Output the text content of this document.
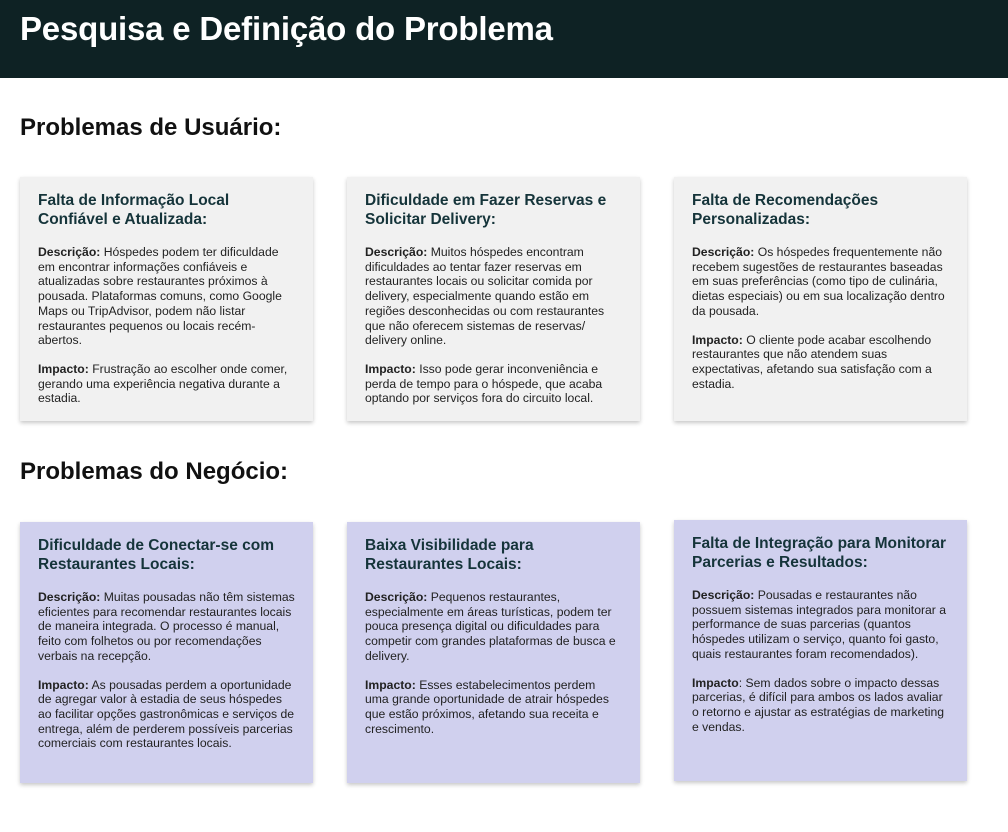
Pesquisa e Definição do Problema
Problemas de Usuário:
Falta de Informação Local Confiável e Atualizada:

Descrição: Hóspedes podem ter dificuldade em encontrar informações confiáveis e atualizadas sobre restaurantes próximos à pousada. Plataformas comuns, como Google Maps ou TripAdvisor, podem não listar restaurantes pequenos ou locais recém-abertos.

Impacto: Frustração ao escolher onde comer, gerando uma experiência negativa durante a estadia.

Dificuldade em Fazer Reservas e Solicitar Delivery:

Descrição: Muitos hóspedes encontram dificuldades ao tentar fazer reservas em restaurantes locais ou solicitar comida por delivery, especialmente quando estão em regiões desconhecidas ou com restaurantes que não oferecem sistemas de reservas/ delivery online.

Impacto: Isso pode gerar inconveniência e perda de tempo para o hóspede, que acaba optando por serviços fora do circuito local.

Falta de Recomendações Personalizadas:

Descrição: Os hóspedes frequentemente não recebem sugestões de restaurantes baseadas em suas preferências (como tipo de culinária, dietas especiais) ou em sua localização dentro da pousada.

Impacto: O cliente pode acabar escolhendo restaurantes que não atendem suas expectativas, afetando sua satisfação com a estadia.

Problemas do Negócio:
Dificuldade de Conectar-se com Restaurantes Locais:

Descrição: Muitas pousadas não têm sistemas eficientes para recomendar restaurantes locais de maneira integrada. O processo é manual, feito com folhetos ou por recomendações verbais na recepção.

Impacto: As pousadas perdem a oportunidade de agregar valor à estadia de seus hóspedes ao facilitar opções gastronômicas e serviços de entrega, além de perderem possíveis parcerias comerciais com restaurantes locais.

Baixa Visibilidade para Restaurantes Locais:

Descrição: Pequenos restaurantes, especialmente em áreas turísticas, podem ter pouca presença digital ou dificuldades para competir com grandes plataformas de busca e delivery.

Impacto: Esses estabelecimentos perdem uma grande oportunidade de atrair hóspedes que estão próximos, afetando sua receita e crescimento.

Falta de Integração para Monitorar Parcerias e Resultados:

Descrição: Pousadas e restaurantes não possuem sistemas integrados para monitorar a performance de suas parcerias (quantos hóspedes utilizam o serviço, quanto foi gasto, quais restaurantes foram recomendados).

Impacto: Sem dados sobre o impacto dessas parcerias, é difícil para ambos os lados avaliar o retorno e ajustar as estratégias de marketing e vendas.
